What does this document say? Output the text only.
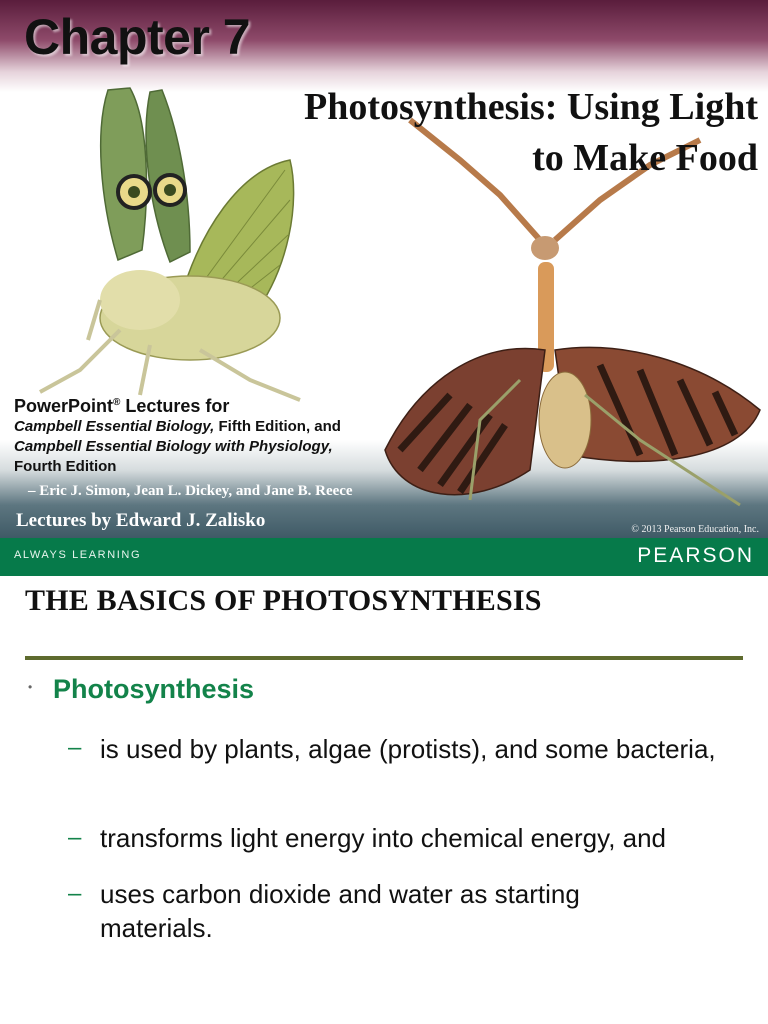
Chapter 7
Photosynthesis: Using Light
to Make Food
PowerPoint® Lectures for
Campbell Essential Biology, Fifth Edition, and
Campbell Essential Biology with Physiology,
Fourth Edition
– Eric J. Simon, Jean L. Dickey, and Jane B. Reece
Lectures by Edward J. Zalisko	© 2013 Pearson Education, Inc.
ALWAYS LEARNING	PEARSON
THE BASICS OF PHOTOSYNTHESIS
• Photosynthesis
– is used by plants, algae (protists), and some bacteria,
– transforms light energy into chemical energy, and
– uses carbon dioxide and water as starting materials.
